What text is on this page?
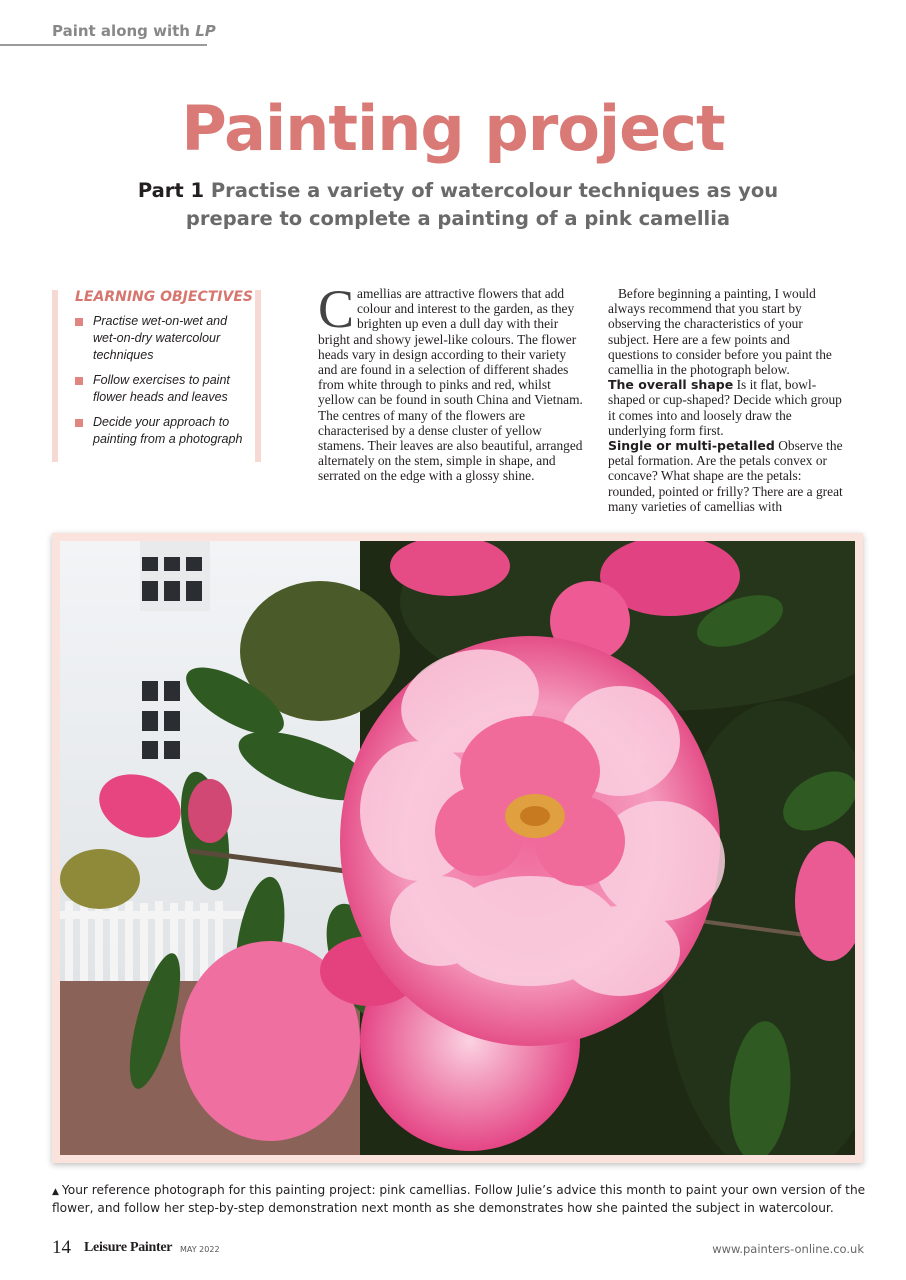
Paint along with LP
Painting project
Part 1 Practise a variety of watercolour techniques as you prepare to complete a painting of a pink camellia
LEARNING OBJECTIVES
Practise wet-on-wet and wet-on-dry watercolour techniques
Follow exercises to paint flower heads and leaves
Decide your approach to painting from a photograph

Camellias are attractive flowers that add colour and interest to the garden, as they brighten up even a dull day with their bright and showy jewel-like colours. The flower heads vary in design according to their variety and are found in a selection of different shades from white through to pinks and red, whilst yellow can be found in south China and Vietnam. The centres of many of the flowers are characterised by a dense cluster of yellow stamens. Their leaves are also beautiful, arranged alternately on the stem, simple in shape, and serrated on the edge with a glossy shine.

Before beginning a painting, I would always recommend that you start by observing the characteristics of your subject. Here are a few points and questions to consider before you paint the camellia in the photograph below.

The overall shape Is it flat, bowl-shaped or cup-shaped? Decide which group it comes into and loosely draw the underlying form first.

Single or multi-petalled Observe the petal formation. Are the petals convex or concave? What shape are the petals: rounded, pointed or frilly? There are a great many varieties of camellias with

▲ Your reference photograph for this painting project: pink camellias. Follow Julie’s advice this month to paint your own version of the flower, and follow her step-by-step demonstration next month as she demonstrates how she painted the subject in watercolour.
14 Leisure Painter MAY 2022	www.painters-online.co.uk
